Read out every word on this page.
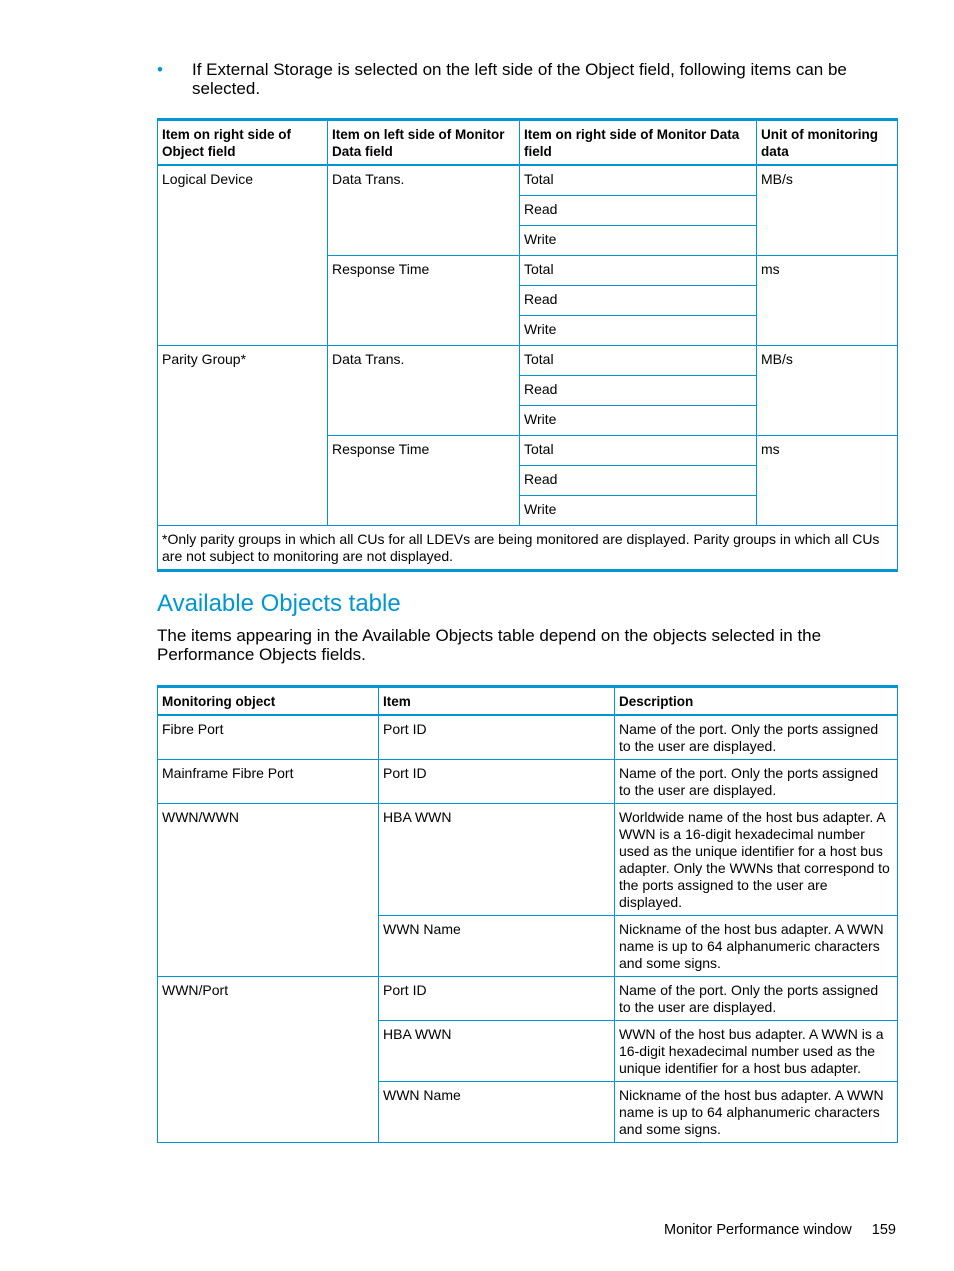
• If External Storage is selected on the left side of the Object field, following items can be selected.
Item on right side of Object field	Item on left side of Monitor Data field	Item on right side of Monitor Data field	Unit of monitoring data
Logical Device	Data Trans.	Total	MB/s
		Read	
		Write	
	Response Time	Total	ms
		Read	
		Write	
Parity Group*	Data Trans.	Total	MB/s
		Read	
		Write	
	Response Time	Total	ms
		Read	
		Write	
*Only parity groups in which all CUs for all LDEVs are being monitored are displayed. Parity groups in which all CUs are not subject to monitoring are not displayed.			
Available Objects table
The items appearing in the Available Objects table depend on the objects selected in the Performance Objects fields.
Monitoring object	Item	Description
Fibre Port	Port ID	Name of the port. Only the ports assigned to the user are displayed.
Mainframe Fibre Port	Port ID	Name of the port. Only the ports assigned to the user are displayed.
WWN/WWN	HBA WWN	Worldwide name of the host bus adapter. A WWN is a 16-digit hexadecimal number used as the unique identifier for a host bus adapter. Only the WWNs that correspond to the ports assigned to the user are displayed.
	WWN Name	Nickname of the host bus adapter. A WWN name is up to 64 alphanumeric characters and some signs.
WWN/Port	Port ID	Name of the port. Only the ports assigned to the user are displayed.
	HBA WWN	WWN of the host bus adapter. A WWN is a 16-digit hexadecimal number used as the unique identifier for a host bus adapter.
	WWN Name	Nickname of the host bus adapter. A WWN name is up to 64 alphanumeric characters and some signs.
Monitor Performance window 159
